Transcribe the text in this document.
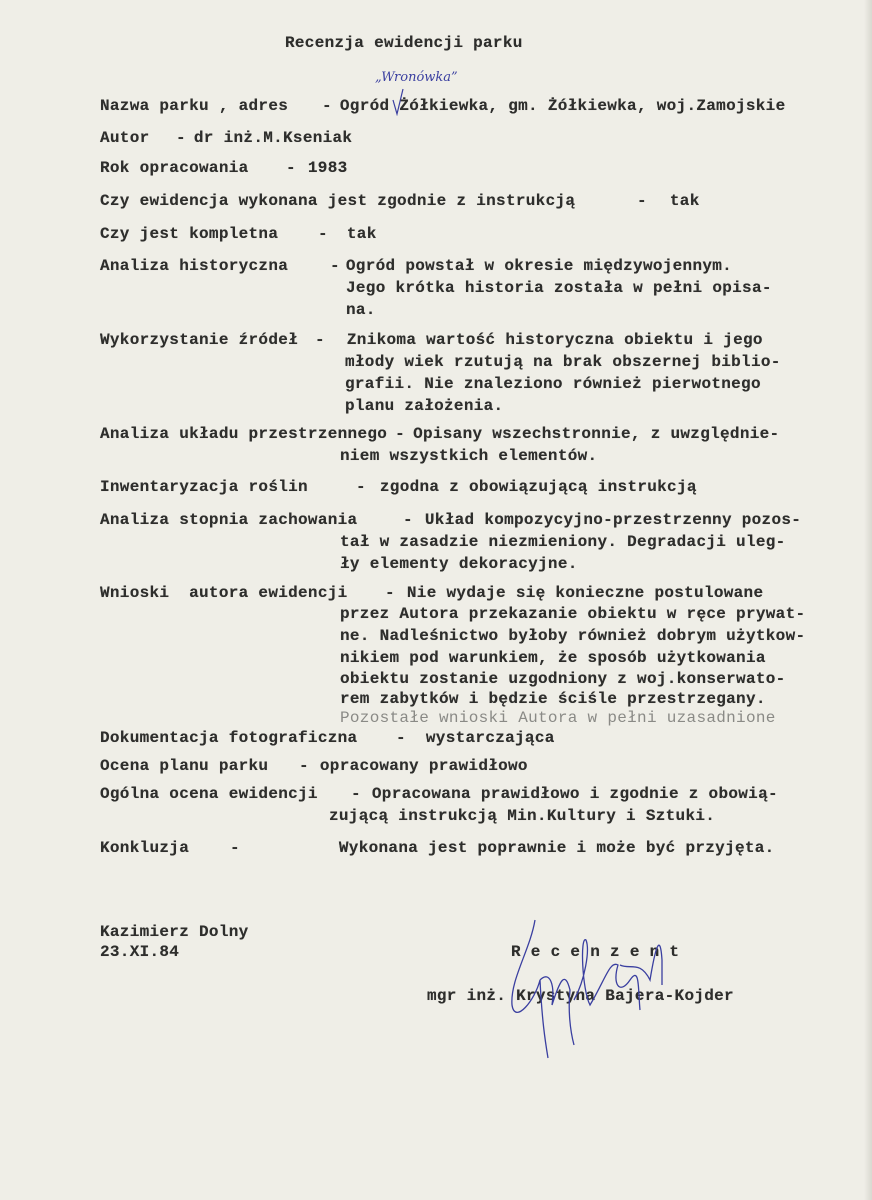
Recenzja ewidencji parku
„Wronówka”
Nazwa parku , adres	- Ogród Żółkiewka, gm. Żółkiewka, woj.Zamojskie
Autor	- dr inż.M.Kseniak
Rok opracowania	- 1983
Czy ewidencja wykonana jest zgodnie z instrukcją	- tak
Czy jest kompletna	- tak
Analiza historyczna	- Ogród powstał w okresie międzywojennym.
Jego krótka historia została w pełni opisa-
na.
Wykorzystanie źródeł	- Znikoma wartość historyczna obiektu i jego
młody wiek rzutują na brak obszernej biblio-
grafii. Nie znaleziono również pierwotnego
planu założenia.
Analiza układu przestrzennego - Opisany wszechstronnie, z uwzględnie-
niem wszystkich elementów.
Inwentaryzacja roślin	- zgodna z obowiązującą instrukcją
Analiza stopnia zachowania	- Układ kompozycyjno-przestrzenny pozos-
tał w zasadzie niezmieniony. Degradacji uleg-
ły elementy dekoracyjne.
Wnioski  autora ewidencji	- Nie wydaje się konieczne postulowane
przez Autora przekazanie obiektu w ręce prywat-
ne. Nadleśnictwo byłoby również dobrym użytkow-
nikiem pod warunkiem, że sposób użytkowania
obiektu zostanie uzgodniony z woj.konserwato-
rem zabytków i będzie ściśle przestrzegany.
Pozostałe wnioski Autora w pełni uzasadnione
Dokumentacja fotograficzna	- wystarczająca
Ocena planu parku	- opracowany prawidłowo
Ogólna ocena ewidencji	- Opracowana prawidłowo i zgodnie z obowią-
zującą instrukcją Min.Kultury i Sztuki.
Konkluzja	-	Wykonana jest poprawnie i może być przyjęta.
Kazimierz Dolny
23.XI.84	R e c e n z e n t
mgr inż. Krystyna Bajera-Kojder
